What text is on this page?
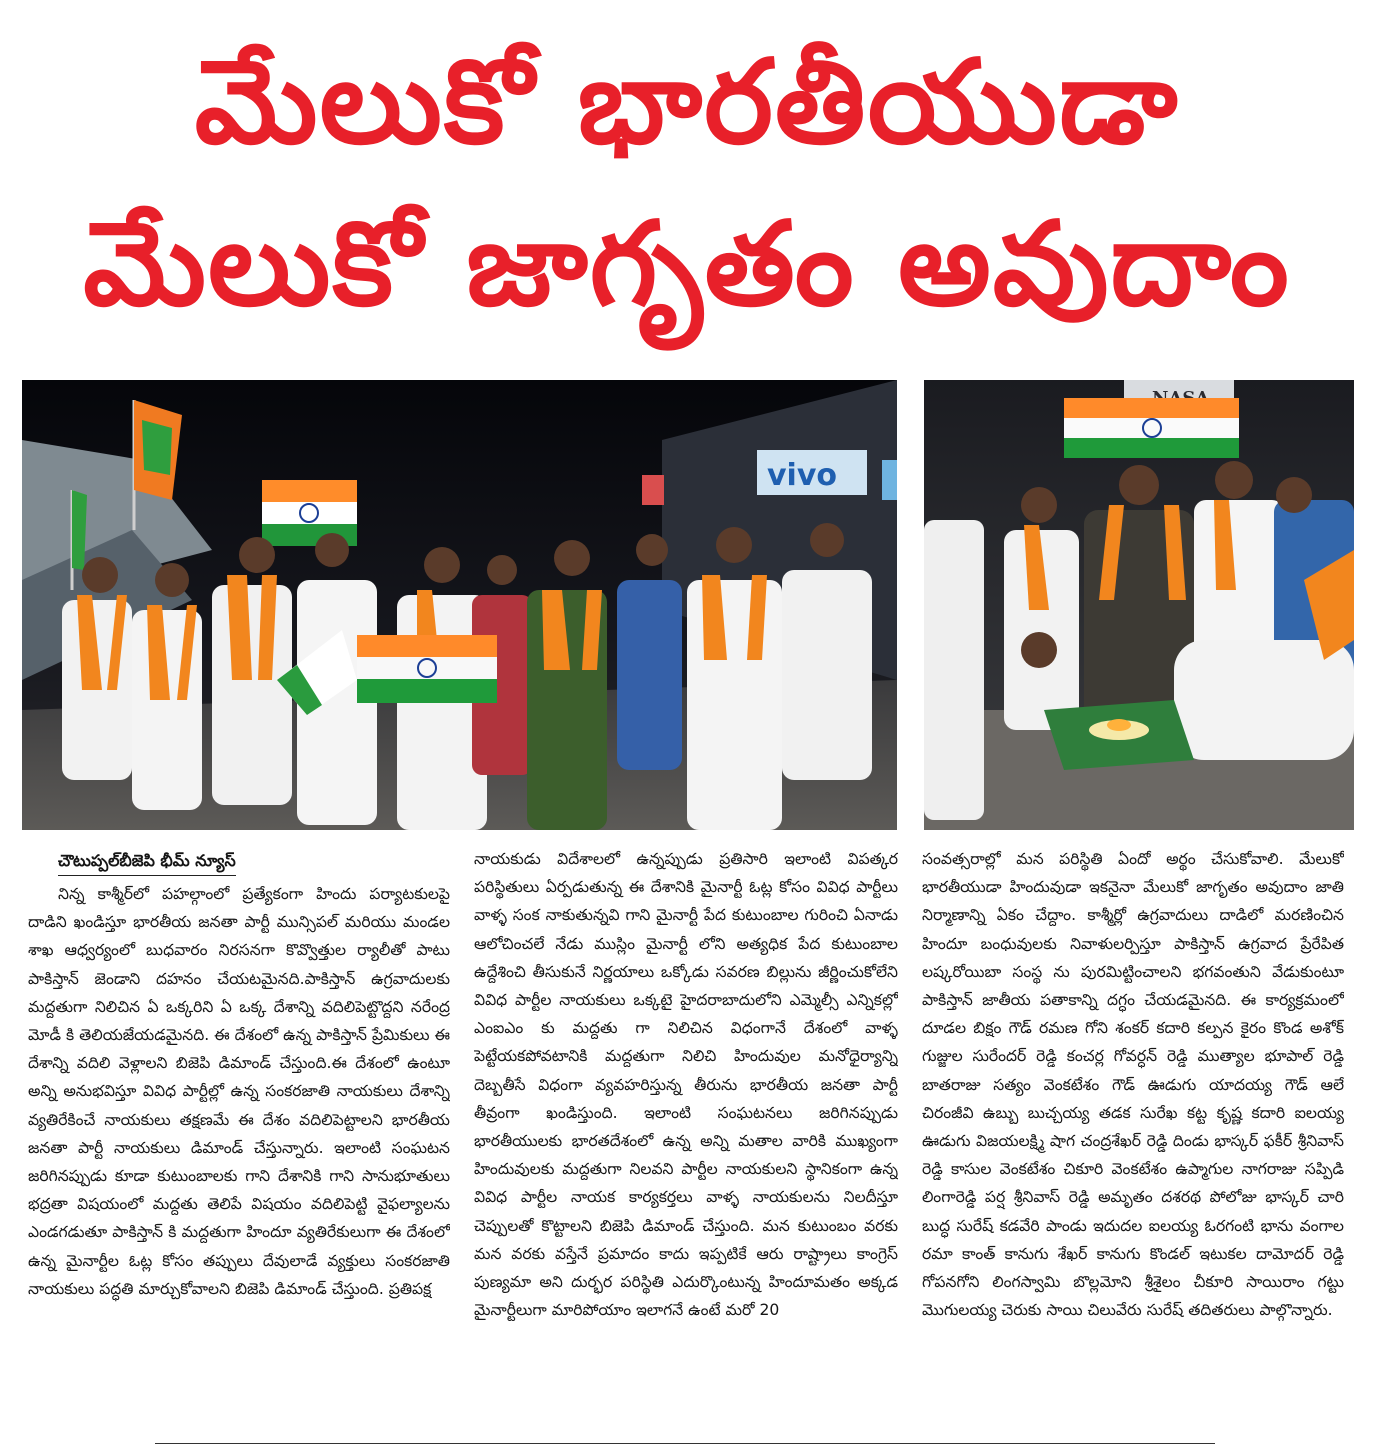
మేలుకో భారతీయుడా
మేలుకో జాగృతం అవుదాం
vivo
చౌటుప్పల్‌బీజెపి భీమ్ న్యూస్

నిన్న కాశ్మీర్‌లో పహల్గాంలో ప్రత్యేకంగా హిందు పర్యాటకులపై దాడిని ఖండిస్తూ భారతీయ జనతా పార్టీ మున్సిపల్ మరియు మండల శాఖ ఆధ్వర్యంలో బుధవారం నిరసనగా కొవ్వొత్తుల ర్యాలీతో పాటు పాకిస్తాన్ జెండాని దహనం చేయటమైనది.పాకిస్తాన్ ఉగ్రవాదులకు మద్దతుగా నిలిచిన ఏ ఒక్కరిని ఏ ఒక్క దేశాన్ని వదిలిపెట్టొద్దని నరేంద్ర మోడీ కి తెలియజేయడమైనది. ఈ దేశంలో ఉన్న పాకిస్తాన్ ప్రేమికులు ఈ దేశాన్ని వదిలి వెళ్లాలని బిజెపి డిమాండ్ చేస్తుంది.ఈ దేశంలో ఉంటూ అన్ని అనుభవిస్తూ వివిధ పార్టీల్లో ఉన్న సంకరజాతి నాయకులు దేశాన్ని వ్యతిరేకించే నాయకులు తక్షణమే ఈ దేశం వదిలిపెట్టాలని భారతీయ జనతా పార్టీ నాయకులు డిమాండ్ చేస్తున్నారు. ఇలాంటి సంఘటన జరిగినప్పుడు కూడా కుటుంబాలకు గాని దేశానికి గాని సానుభూతులు భద్రతా విషయంలో మద్దతు తెలిపే విషయం వదిలిపెట్టి వైఫల్యాలను ఎండగడుతూ పాకిస్తాన్ కి మద్దతుగా హిందూ వ్యతిరేకులుగా ఈ దేశంలో ఉన్న మైనార్టీల ఓట్ల కోసం తప్పులు దేవులాడే వ్యక్తులు సంకరజాతి నాయకులు పద్ధతి మార్చుకోవాలని బిజెపి డిమాండ్ చేస్తుంది. ప్రతిపక్ష

నాయకుడు విదేశాలలో ఉన్నప్పుడు ప్రతిసారి ఇలాంటి విపత్కర పరిస్థితులు ఏర్పడుతున్న ఈ దేశానికి మైనార్టీ ఓట్ల కోసం వివిధ పార్టీలు వాళ్ళ సంక నాకుతున్నవి గాని మైనార్టీ పేద కుటుంబాల గురించి ఏనాడు ఆలోచించలే నేడు ముస్లిం మైనార్టీ లోని అత్యధిక పేద కుటుంబాల ఉద్దేశించి తీసుకునే నిర్ణయాలు ఒక్కోడు సవరణ బిల్లును జీర్ణించుకోలేని వివిధ పార్టీల నాయకులు ఒక్కటై హైదరాబాదులోని ఎమ్మెల్సీ ఎన్నికల్లో ఎంఐఎం కు మద్దతు గా నిలిచిన విధంగానే దేశంలో వాళ్ళ పెట్టేయకపోవటానికి మద్దతుగా నిలిచి హిందువుల మనోధైర్యాన్ని దెబ్బతీసే విధంగా వ్యవహరిస్తున్న తీరును భారతీయ జనతా పార్టీ తీవ్రంగా ఖండిస్తుంది. ఇలాంటి సంఘటనలు జరిగినప్పుడు భారతీయులకు భారతదేశంలో ఉన్న అన్ని మతాల వారికి ముఖ్యంగా హిందువులకు మద్దతుగా నిలవని పార్టీల నాయకులని స్థానికంగా ఉన్న వివిధ పార్టీల నాయక కార్యకర్తలు వాళ్ళ నాయకులను నిలదీస్తూ చెప్పులతో కొట్టాలని బిజెపి డిమాండ్ చేస్తుంది. మన కుటుంబం వరకు మన వరకు వస్తేనే ప్రమాదం కాదు ఇప్పటికే ఆరు రాష్ట్రాలు కాంగ్రెస్ పుణ్యమా అని దుర్భర పరిస్థితి ఎదుర్కొంటున్న హిందూమతం అక్కడ మైనార్టీలుగా మారిపోయాం ఇలాగనే ఉంటే మరో 20

సంవత్సరాల్లో మన పరిస్థితి ఏందో అర్థం చేసుకోవాలి. మేలుకో భారతీయుడా హిందువుడా ఇకనైనా మేలుకో జాగృతం అవుదాం జాతి నిర్మాణాన్ని ఏకం చేద్దాం. కాశ్మీర్లో ఉగ్రవాదులు దాడిలో మరణించిన హిందూ బంధువులకు నివాళులర్పిస్తూ పాకిస్తాన్ ఉగ్రవాద ప్రేరేపిత లష్కరోయిబా సంస్థ ను పురమిట్టించాలని భగవంతుని వేడుకుంటూ పాకిస్తాన్ జాతీయ పతాకాన్ని దగ్ధం చేయడమైనది. ఈ కార్యక్రమంలో దూడల బిక్షం గౌడ్ రమణ గోని శంకర్ కదారి కల్పన కైరం కొండ అశోక్ గుజ్జుల సురేందర్ రెడ్డి కంచర్ల గోవర్ధన్ రెడ్డి ముత్యాల భూపాల్ రెడ్డి బాతరాజు సత్యం వెంకటేశం గౌడ్ ఊడుగు యాదయ్య గౌడ్ ఆలే చిరంజీవి ఉబ్బు బుచ్చయ్య తడక సురేఖ కట్ట కృష్ణ కదారి ఐలయ్య ఊడుగు విజయలక్ష్మి షాగ చంద్రశేఖర్ రెడ్డి దిండు భాస్కర్ ఫకీర్ శ్రీనివాస్ రెడ్డి కాసుల వెంకటేశం చికూరి వెంకటేశం ఉప్మాగుల నాగరాజు సప్పిడి లింగారెడ్డి పర్ష శ్రీనివాస్ రెడ్డి అమృతం దశరథ పోలోజు భాస్కర్ చారి బుద్ధ సురేష్ కడవేరి పాండు ఇదుదల ఐలయ్య ఓరగంటి భాను వంగాల రమా కాంత్ కానుగు శేఖర్ కానుగు కొండల్ ఇటుకల దామోదర్ రెడ్డి గోపనగోని లింగస్వామి బొల్లమోని శ్రీశైలం చీకూరి సాయిరాం గట్టు మొగులయ్య చెరుకు సాయి చిలువేరు సురేష్ తదితరులు పాల్గొన్నారు.
